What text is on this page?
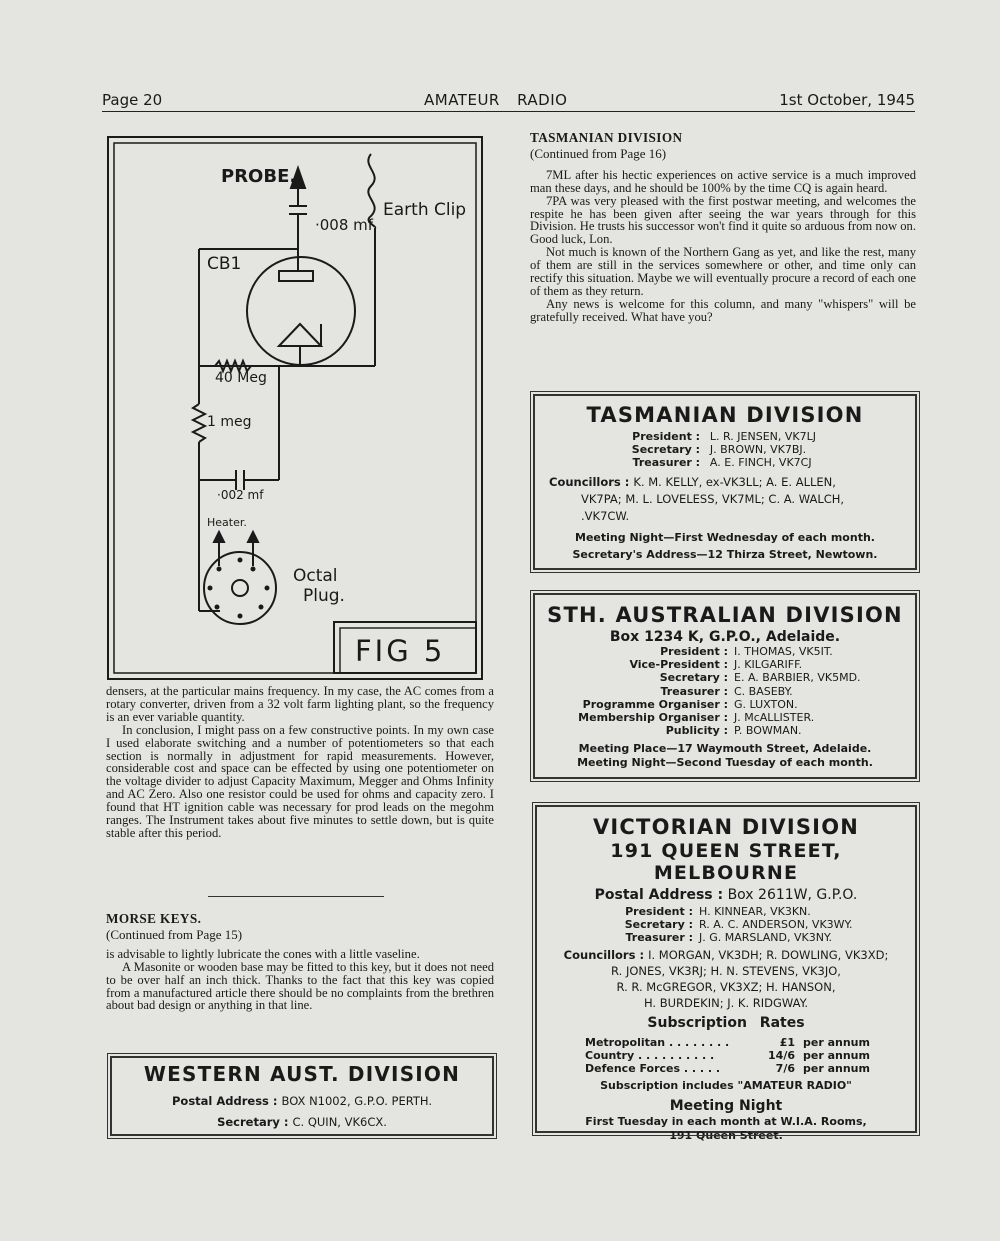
Page 20	AMATEUR RADIO	1st October, 1945
PROBE.
·008 mf
Earth Clip
CB1
40 Meg
1 meg
·002 mf
Heater.
Octal
Plug.
FIG 5

densers, at the particular mains frequency. In my case, the AC comes from a rotary converter, driven from a 32 volt farm lighting plant, so the frequency is an ever variable quantity.

In conclusion, I might pass on a few constructive points. In my own case I used elaborate switching and a number of potentiometers so that each section is normally in adjustment for rapid measurements. However, considerable cost and space can be effected by using one potentiometer on the voltage divider to adjust Capacity Maximum, Megger and Ohms Infinity and AC Zero. Also one resistor could be used for ohms and capacity zero. I found that HT ignition cable was necessary for prod leads on the megohm ranges. The Instrument takes about five minutes to settle down, but is quite stable after this period.

MORSE KEYS.
(Continued from Page 15)

is advisable to lightly lubricate the cones with a little vaseline.

A Masonite or wooden base may be fitted to this key, but it does not need to be over half an inch thick. Thanks to the fact that this key was copied from a manufactured article there should be no complaints from the brethren about bad design or anything in that line.

WESTERN AUST. DIVISION
Postal Address : BOX N1002, G.P.O. PERTH.
Secretary : C. QUIN, VK6CX.
TASMANIAN DIVISION
(Continued from Page 16)

7ML after his hectic experiences on active service is a much improved man these days, and he should be 100% by the time CQ is again heard.

7PA was very pleased with the first postwar meeting, and welcomes the respite he has been given after seeing the war years through for this Division. He trusts his successor won't find it quite so arduous from now on. Good luck, Lon.

Not much is known of the Northern Gang as yet, and like the rest, many of them are still in the services somewhere or other, and time only can rectify this situation. Maybe we will eventually procure a record of each one of them as they return.

Any news is welcome for this column, and many "whispers" will be gratefully received. What have you?

TASMANIAN DIVISION
President : L. R. JENSEN, VK7LJ
Secretary : J. BROWN, VK7BJ.
Treasurer : A. E. FINCH, VK7CJ
Councillors : K. M. KELLY, ex-VK3LL; A. E. ALLEN,
VK7PA; M. L. LOVELESS, VK7ML; C. A. WALCH,
.VK7CW.
Meeting Night—First Wednesday of each month.
Secretary's Address—12 Thirza Street, Newtown.
STH. AUSTRALIAN DIVISION
Box 1234 K, G.P.O., Adelaide.
President : I. THOMAS, VK5IT.
Vice-President : J. KILGARIFF.
Secretary : E. A. BARBIER, VK5MD.
Treasurer : C. BASEBY.
Programme Organiser : G. LUXTON.
Membership Organiser : J. McALLISTER.
Publicity : P. BOWMAN.
Meeting Place—17 Waymouth Street, Adelaide.
Meeting Night—Second Tuesday of each month.
VICTORIAN DIVISION
191 QUEEN STREET, MELBOURNE
Postal Address : Box 2611W, G.P.O.
President : H. KINNEAR, VK3KN.
Secretary : R. A. C. ANDERSON, VK3WY.
Treasurer : J. G. MARSLAND, VK3NY.
Councillors : I. MORGAN, VK3DH; R. DOWLING, VK3XD;
R. JONES, VK3RJ; H. N. STEVENS, VK3JO,
R. R. McGREGOR, VK3XZ; H. HANSON,
H. BURDEKIN; J. K. RIDGWAY.
Subscription Rates
Metropolitan . . . . . . . .	£1 per annum
Country . . . . . . . . . .	14/6 per annum
Defence Forces . . . . .	7/6 per annum
Subscription includes "AMATEUR RADIO"
Meeting Night
First Tuesday in each month at W.I.A. Rooms,
191 Queen Street.
